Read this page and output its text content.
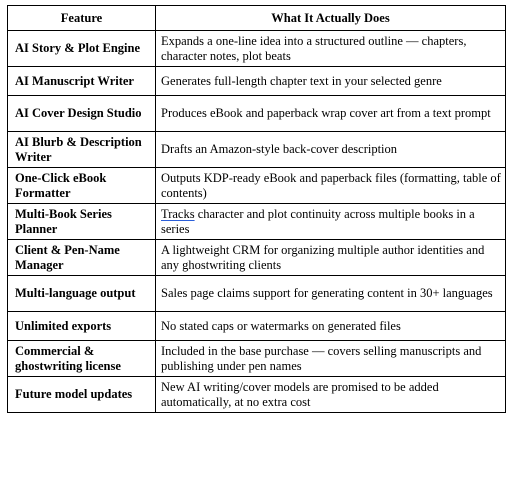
Feature	What It Actually Does
AI Story & Plot Engine	Expands a one-line idea into a structured outline — chapters, character notes, plot beats
AI Manuscript Writer	Generates full-length chapter text in your selected genre
AI Cover Design Studio	Produces eBook and paperback wrap cover art from a text prompt
AI Blurb & Description Writer	Drafts an Amazon-style back-cover description
One-Click eBook Formatter	Outputs KDP-ready eBook and paperback files (formatting, table of contents)
Multi-Book Series Planner	Tracks character and plot continuity across multiple books in a series
Client & Pen-Name Manager	A lightweight CRM for organizing multiple author identities and any ghostwriting clients
Multi-language output	Sales page claims support for generating content in 30+ languages
Unlimited exports	No stated caps or watermarks on generated files
Commercial & ghostwriting license	Included in the base purchase — covers selling manuscripts and publishing under pen names
Future model updates	New AI writing/cover models are promised to be added automatically, at no extra cost
